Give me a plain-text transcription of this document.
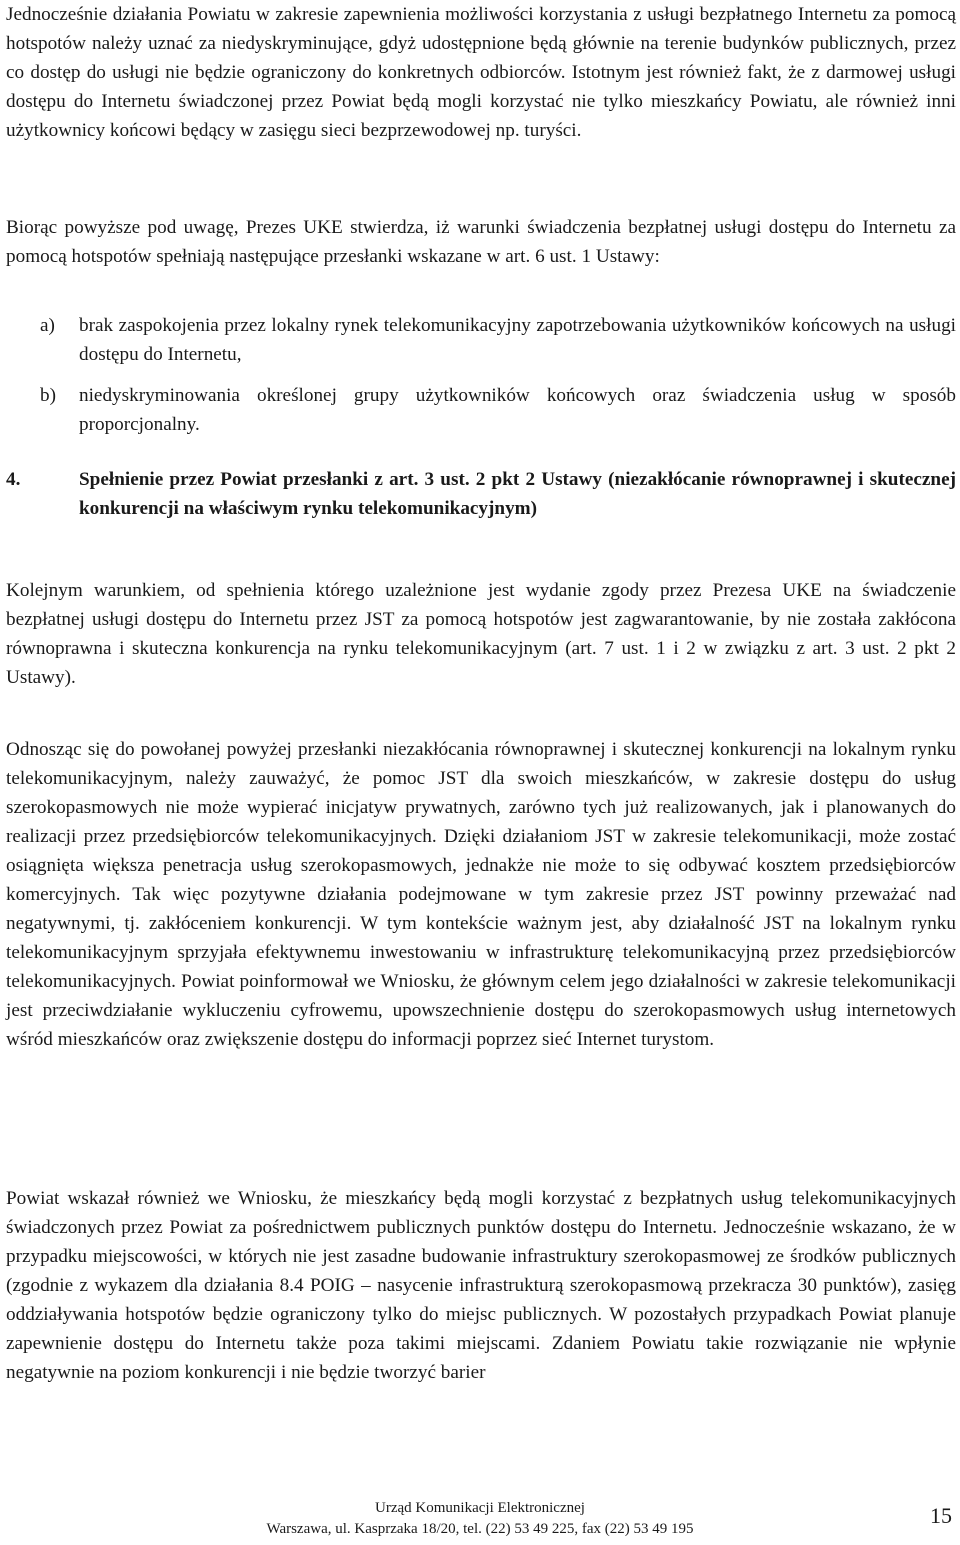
Jednocześnie działania Powiatu w zakresie zapewnienia możliwości korzystania z usługi bezpłatnego Internetu za pomocą hotspotów należy uznać za niedyskryminujące, gdyż udostępnione będą głównie na terenie budynków publicznych, przez co dostęp do usługi nie będzie ograniczony do konkretnych odbiorców. Istotnym jest również fakt, że z darmowej usługi dostępu do Internetu świadczonej przez Powiat będą mogli korzystać nie tylko mieszkańcy Powiatu, ale również inni użytkownicy końcowi będący w zasięgu sieci bezprzewodowej np. turyści.

Biorąc powyższe pod uwagę, Prezes UKE stwierdza, iż warunki świadczenia bezpłatnej usługi dostępu do Internetu za pomocą hotspotów spełniają następujące przesłanki wskazane w art. 6 ust. 1 Ustawy:

a) brak zaspokojenia przez lokalny rynek telekomunikacyjny zapotrzebowania użytkowników końcowych na usługi dostępu do Internetu,

b) niedyskryminowania określonej grupy użytkowników końcowych oraz świadczenia usług w sposób proporcjonalny.

4.	Spełnienie przez Powiat przesłanki z art. 3 ust. 2 pkt 2 Ustawy (niezakłócanie równoprawnej i skutecznej konkurencji na właściwym rynku telekomunikacyjnym)

Kolejnym warunkiem, od spełnienia którego uzależnione jest wydanie zgody przez Prezesa UKE na świadczenie bezpłatnej usługi dostępu do Internetu przez JST za pomocą hotspotów jest zagwarantowanie, by nie została zakłócona równoprawna i skuteczna konkurencja na rynku telekomunikacyjnym (art. 7 ust. 1 i 2 w związku z art. 3 ust. 2 pkt 2 Ustawy).

Odnosząc się do powołanej powyżej przesłanki niezakłócania równoprawnej i skutecznej konkurencji na lokalnym rynku telekomunikacyjnym, należy zauważyć, że pomoc JST dla swoich mieszkańców, w zakresie dostępu do usług szerokopasmowych nie może wypierać inicjatyw prywatnych, zarówno tych już realizowanych, jak i planowanych do realizacji przez przedsiębiorców telekomunikacyjnych. Dzięki działaniom JST w zakresie telekomunikacji, może zostać osiągnięta większa penetracja usług szerokopasmowych, jednakże nie może to się odbywać kosztem przedsiębiorców komercyjnych. Tak więc pozytywne działania podejmowane w tym zakresie przez JST powinny przeważać nad negatywnymi, tj. zakłóceniem konkurencji. W tym kontekście ważnym jest, aby działalność JST na lokalnym rynku telekomunikacyjnym sprzyjała efektywnemu inwestowaniu w infrastrukturę telekomunikacyjną przez przedsiębiorców telekomunikacyjnych. Powiat poinformował we Wniosku, że głównym celem jego działalności w zakresie telekomunikacji jest przeciwdziałanie wykluczeniu cyfrowemu, upowszechnienie dostępu do szerokopasmowych usług internetowych wśród mieszkańców oraz zwiększenie dostępu do informacji poprzez sieć Internet turystom.

Powiat wskazał również we Wniosku, że mieszkańcy będą mogli korzystać z bezpłatnych usług telekomunikacyjnych świadczonych przez Powiat za pośrednictwem publicznych punktów dostępu do Internetu. Jednocześnie wskazano, że w przypadku miejscowości, w których nie jest zasadne budowanie infrastruktury szerokopasmowej ze środków publicznych (zgodnie z wykazem dla działania 8.4 POIG – nasycenie infrastrukturą szerokopasmową przekracza 30 punktów), zasięg oddziaływania hotspotów będzie ograniczony tylko do miejsc publicznych. W pozostałych przypadkach Powiat planuje zapewnienie dostępu do Internetu także poza takimi miejscami. Zdaniem Powiatu takie rozwiązanie nie wpłynie negatywnie na poziom konkurencji i nie będzie tworzyć barier

Urząd Komunikacji Elektronicznej
Warszawa, ul. Kasprzaka 18/20, tel. (22) 53 49 225, fax (22) 53 49 195
15
